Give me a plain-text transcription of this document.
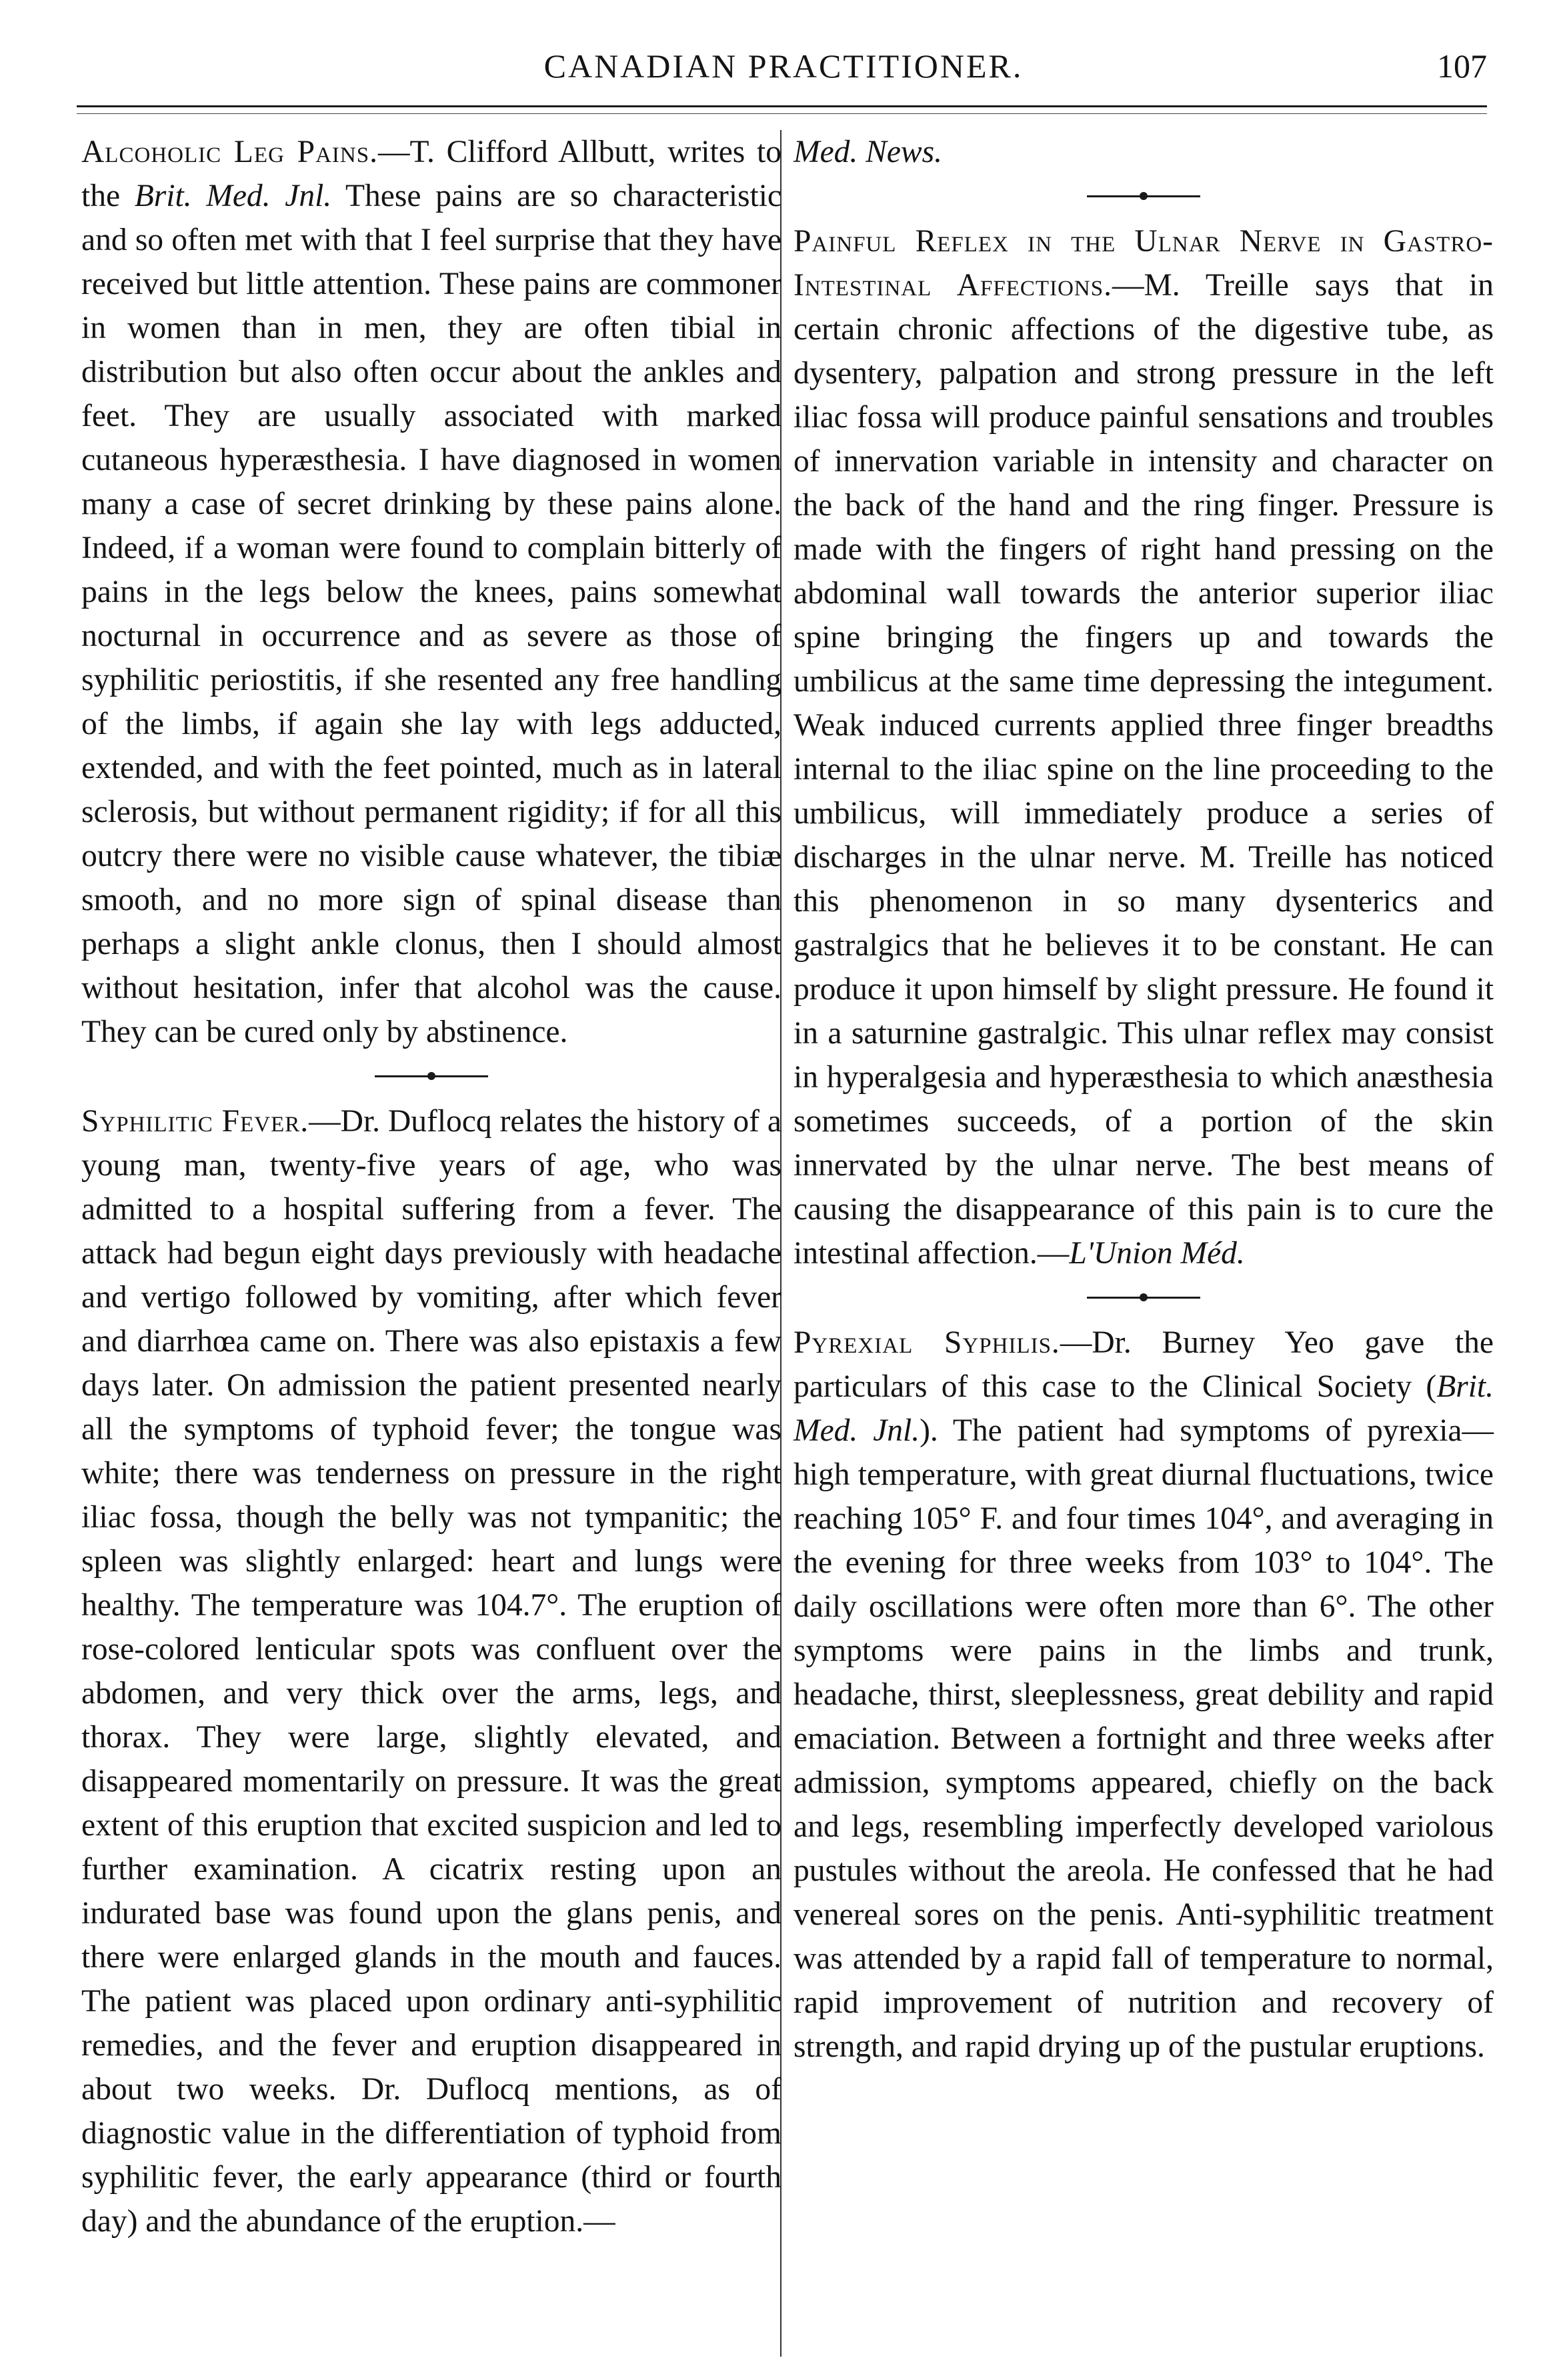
CANADIAN PRACTITIONER.	107

Alcoholic Leg Pains.—T. Clifford Allbutt, writes to the Brit. Med. Jnl. These pains are so characteristic and so often met with that I feel surprise that they have received but little attention. These pains are commoner in women than in men, they are often tibial in distribution but also often occur about the ankles and feet. They are usually associated with marked cutaneous hyperæsthesia. I have diagnosed in women many a case of secret drinking by these pains alone. Indeed, if a woman were found to complain bitterly of pains in the legs below the knees, pains somewhat nocturnal in occurrence and as severe as those of syphilitic periostitis, if she resented any free handling of the limbs, if again she lay with legs adducted, extended, and with the feet pointed, much as in lateral sclerosis, but without permanent rigidity; if for all this outcry there were no visible cause whatever, the tibiæ smooth, and no more sign of spinal disease than perhaps a slight ankle clonus, then I should almost without hesitation, infer that alcohol was the cause. They can be cured only by abstinence.

Syphilitic Fever.—Dr. Duflocq relates the history of a young man, twenty-five years of age, who was admitted to a hospital suffering from a fever. The attack had begun eight days previously with headache and vertigo followed by vomiting, after which fever and diarrhœa came on. There was also epistaxis a few days later. On admission the patient presented nearly all the symptoms of typhoid fever; the tongue was white; there was tenderness on pressure in the right iliac fossa, though the belly was not tympanitic; the spleen was slightly enlarged: heart and lungs were healthy. The temperature was 104.7°. The eruption of rose-colored lenticular spots was confluent over the abdomen, and very thick over the arms, legs, and thorax. They were large, slightly elevated, and disappeared momentarily on pressure. It was the great extent of this eruption that excited suspicion and led to further examination. A cicatrix resting upon an indurated base was found upon the glans penis, and there were enlarged glands in the mouth and fauces. The patient was placed upon ordinary anti-syphilitic remedies, and the fever and eruption disappeared in about two weeks. Dr. Duflocq mentions, as of diagnostic value in the differentiation of typhoid from syphilitic fever, the early appearance (third or fourth day) and the abundance of the eruption.—

Med. News.

Painful Reflex in the Ulnar Nerve in Gastro-Intestinal Affections.—M. Treille says that in certain chronic affections of the digestive tube, as dysentery, palpation and strong pressure in the left iliac fossa will produce painful sensations and troubles of innervation variable in intensity and character on the back of the hand and the ring finger. Pressure is made with the fingers of right hand pressing on the abdominal wall towards the anterior superior iliac spine bringing the fingers up and towards the umbilicus at the same time depressing the integument. Weak induced currents applied three finger breadths internal to the iliac spine on the line proceeding to the umbilicus, will immediately produce a series of discharges in the ulnar nerve. M. Treille has noticed this phenomenon in so many dysenterics and gastralgics that he believes it to be constant. He can produce it upon himself by slight pressure. He found it in a saturnine gastralgic. This ulnar reflex may consist in hyperalgesia and hyperæsthesia to which anæsthesia sometimes succeeds, of a portion of the skin innervated by the ulnar nerve. The best means of causing the disappearance of this pain is to cure the intestinal affection.—L'Union Méd.

Pyrexial Syphilis.—Dr. Burney Yeo gave the particulars of this case to the Clinical Society (Brit. Med. Jnl.). The patient had symptoms of pyrexia—high temperature, with great diurnal fluctuations, twice reaching 105° F. and four times 104°, and averaging in the evening for three weeks from 103° to 104°. The daily oscillations were often more than 6°. The other symptoms were pains in the limbs and trunk, headache, thirst, sleeplessness, great debility and rapid emaciation. Between a fortnight and three weeks after admission, symptoms appeared, chiefly on the back and legs, resembling imperfectly developed variolous pustules without the areola. He confessed that he had venereal sores on the penis. Anti-syphilitic treatment was attended by a rapid fall of temperature to normal, rapid improvement of nutrition and recovery of strength, and rapid drying up of the pustular eruptions.
